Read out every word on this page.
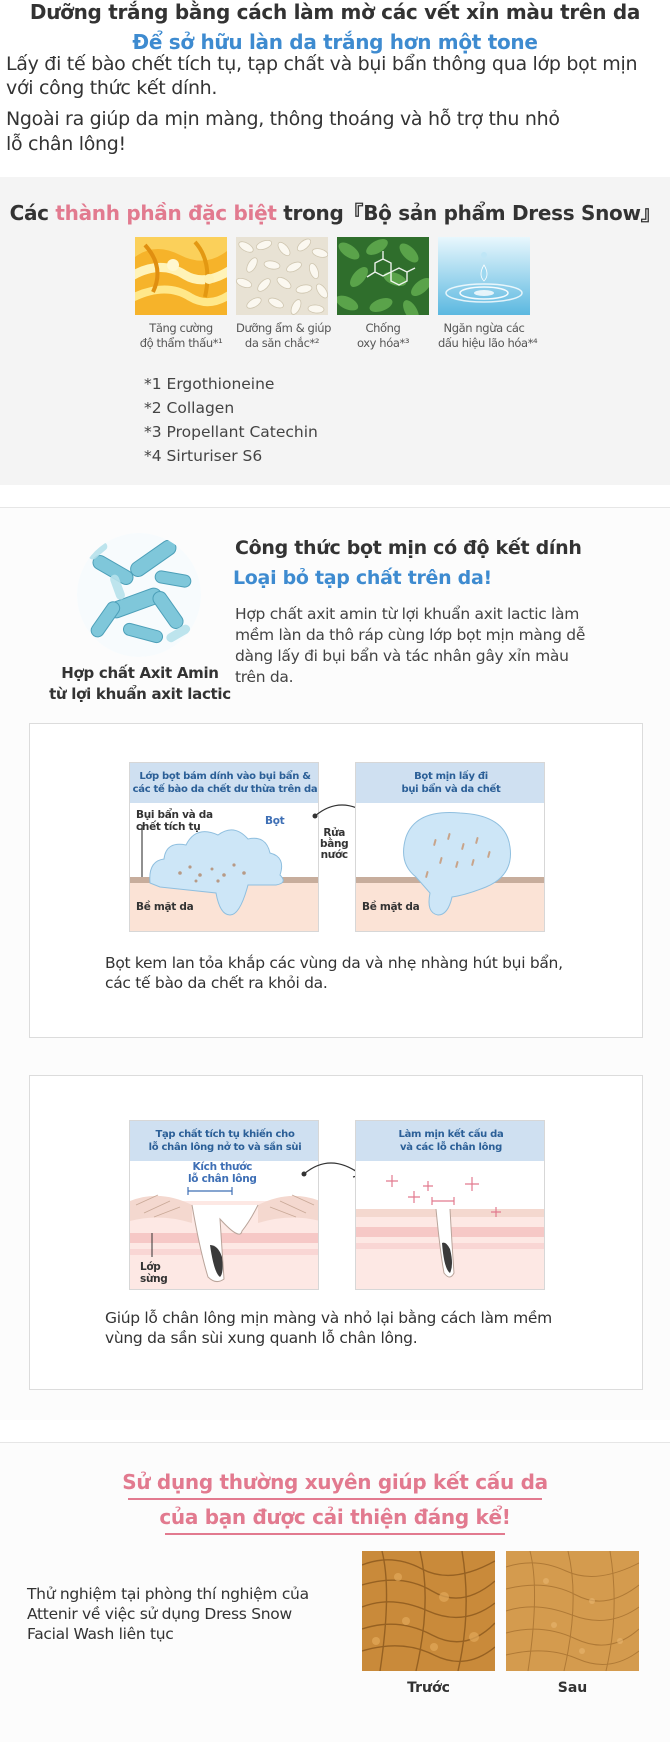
Dưỡng trắng bằng cách làm mờ các vết xỉn màu trên da
Để sở hữu làn da trắng hơn một tone
Lấy đi tế bào chết tích tụ, tạp chất và bụi bẩn thông qua lớp bọt mịn
với công thức kết dính.
Ngoài ra giúp da mịn màng, thông thoáng và hỗ trợ thu nhỏ
lỗ chân lông!
Các thành phần đặc biệt trong『Bộ sản phẩm Dress Snow』
Tăng cường
độ thẩm thấu*¹
Dưỡng ẩm & giúp
da săn chắc*²
Chống
oxy hóa*³
Ngăn ngừa các
dấu hiệu lão hóa*⁴
*1 Ergothioneine
*2 Collagen
*3 Propellant Catechin
*4 Sirturiser S6
Hợp chất Axit Amin
từ lợi khuẩn axit lactic
Công thức bọt mịn có độ kết dính
Loại bỏ tạp chất trên da!
Hợp chất axit amin từ lợi khuẩn axit lactic làm
mềm làn da thô ráp cùng lớp bọt mịn màng dễ
dàng lấy đi bụi bẩn và tác nhân gây xỉn màu
trên da.
Lớp bọt bám dính vào bụi bẩn &
các tế bào da chết dư thừa trên da
Bụi bẩn và da
chết tích tụ	Bọt
Bề mặt da
Rửa
bằng
nước
Bọt mịn lấy đi
bụi bẩn và da chết
Bề mặt da
Bọt kem lan tỏa khắp các vùng da và nhẹ nhàng hút bụi bẩn,
các tế bào da chết ra khỏi da.
Tạp chất tích tụ khiến cho
lỗ chân lông nở to và sần sùi
Kích thước
lỗ chân lông
Lớp
sừng
Làm mịn kết cấu da
và các lỗ chân lông
Giúp lỗ chân lông mịn màng và nhỏ lại bằng cách làm mềm
vùng da sần sùi xung quanh lỗ chân lông.
Sử dụng thường xuyên giúp kết cấu da
của bạn được cải thiện đáng kể!
Thử nghiệm tại phòng thí nghiệm của
Attenir về việc sử dụng Dress Snow
Facial Wash liên tục
Trước	Sau
